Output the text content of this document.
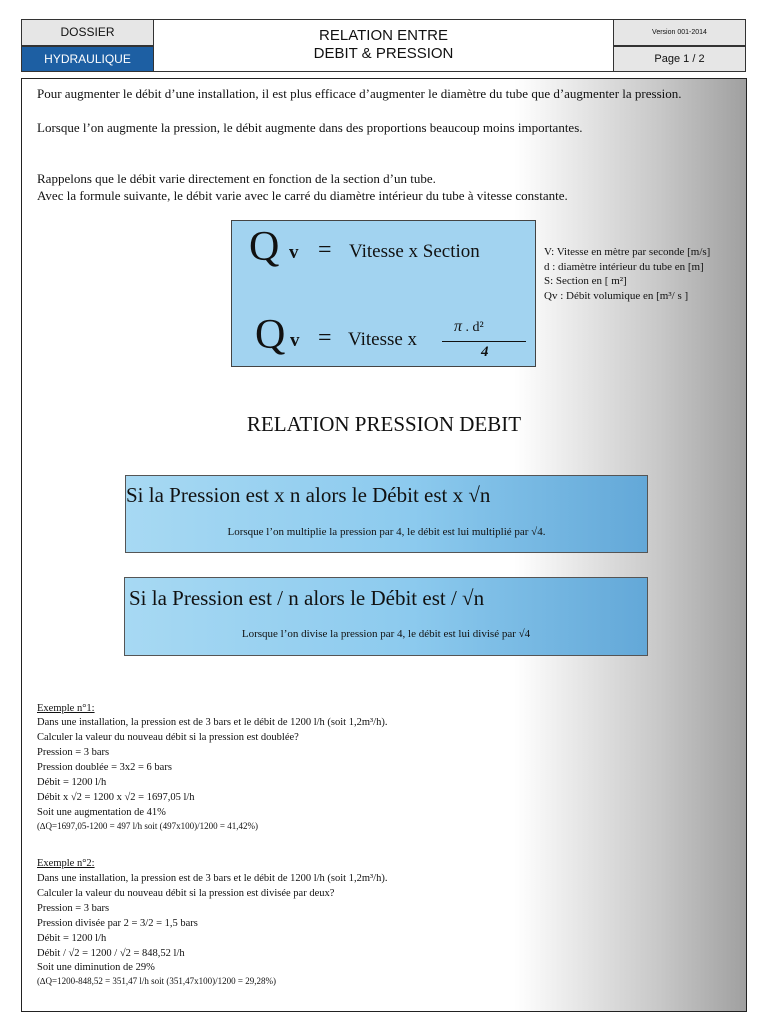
DOSSIER
HYDRAULIQUE
RELATION ENTRE
DEBIT & PRESSION
Version 001-2014
Page 1 / 2
Pour augmenter le débit d’une installation, il est plus efficace d’augmenter le diamètre du tube que d’augmenter la pression.
Lorsque l’on augmente la pression, le débit augmente dans des proportions beaucoup moins importantes.
Rappelons que le débit varie directement en fonction de la section d’un tube.
Avec la formule suivante, le débit varie avec le carré du diamètre intérieur du tube à vitesse constante.
Q v = Vitesse x Section
Q v = Vitesse x
π . d²
4
V: Vitesse en mètre par seconde [m/s]
d : diamètre intérieur du tube en [m]
S: Section en [ m²]
Qv : Débit volumique en [m³/ s ]
RELATION PRESSION DEBIT
Si la Pression est x n alors le Débit est x √n
Lorsque l’on multiplie la pression par 4, le débit est lui multiplié par √4.
Si la Pression est / n alors le Débit est / √n
Lorsque l’on divise la pression par 4, le débit est lui divisé par √4
Exemple n°1:
Dans une installation, la pression est de 3 bars et le débit de 1200 l/h (soit 1,2m³/h).
Calculer la valeur du nouveau débit si la pression est doublée?
Pression = 3 bars
Pression doublée = 3x2 = 6 bars
Débit = 1200 l/h
Débit x √2 = 1200 x √2 = 1697,05 l/h
Soit une augmentation de 41%
(∆Q=1697,05-1200 = 497 l/h soit (497x100)/1200 = 41,42%)
Exemple n°2:
Dans une installation, la pression est de 3 bars et le débit de 1200 l/h (soit 1,2m³/h).
Calculer la valeur du nouveau débit si la pression est divisée par deux?
Pression = 3 bars
Pression divisée par 2 = 3/2 = 1,5 bars
Débit = 1200 l/h
Débit / √2 = 1200 / √2 = 848,52 l/h
Soit une diminution de 29%
(∆Q=1200-848,52 = 351,47 l/h soit (351,47x100)/1200 = 29,28%)
